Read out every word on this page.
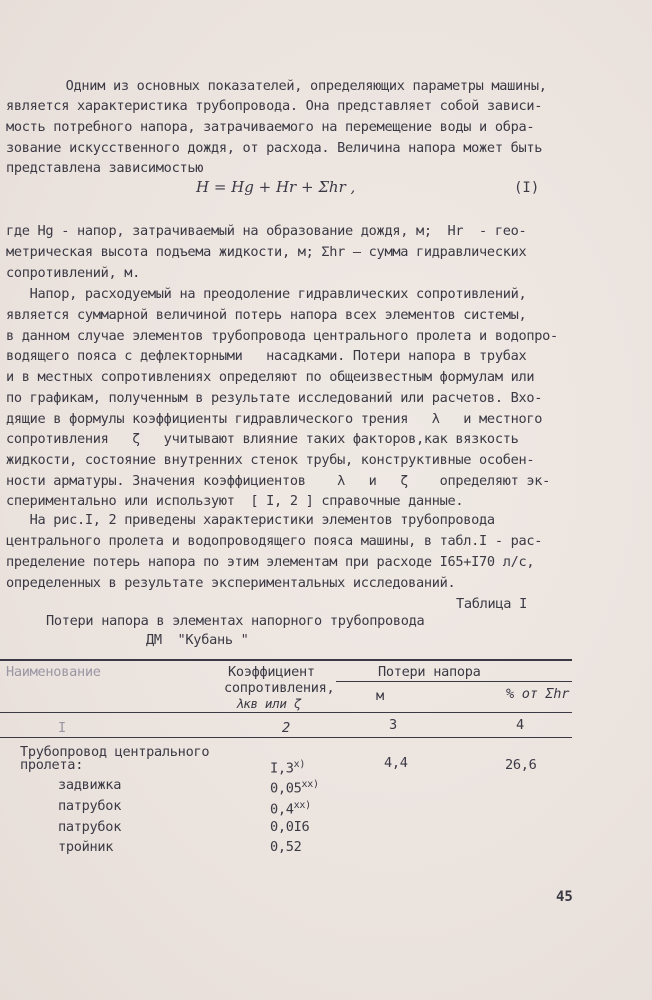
Одним из основных показателей, определяющих параметры машины,
является характеристика трубопровода. Она представляет собой зависи-
мость потребного напора, затрачиваемого на перемещение воды и обра-
зование искусственного дождя, от расхода. Величина напора может быть
представлена зависимостью
H = Hg + Hr + Σhr ,	(I)
где Hg - напор, затрачиваемый на образование дождя, м;  Hr  - гео-
метрическая высота подъема жидкости, м; Σhr – сумма гидравлических
сопротивлений, м.
Напор, расходуемый на преодоление гидравлических сопротивлений,
является суммарной величиной потерь напора всех элементов системы,
в данном случае элементов трубопровода центрального пролета и водопро-
водящего пояса с дефлекторными   насадками. Потери напора в трубах
и в местных сопротивлениях определяют по общеизвестным формулам или
по графикам, полученным в результате исследований или расчетов. Вхо-
дящие в формулы коэффициенты гидравлического трения   λ   и местного
сопротивления   ζ   учитывают влияние таких факторов,как вязкость
жидкости, состояние внутренних стенок трубы, конструктивные особен-
ности арматуры. Значения коэффициентов    λ   и   ζ    определяют эк-
спериментально или используют  [ I, 2 ] справочные данные.
На рис.I, 2 приведены характеристики элементов трубопровода
центрального пролета и водопроводящего пояса машины, в табл.I - рас-
пределение потерь напора по этим элементам при расходе I65+I70 л/c,
определенных в результате экспериментальных исследований.
Таблица I
Потери напора в элементах напорного трубопровода
ДМ  "Кубань "
Наименование	Коэффициент
сопротивления,
λкв или ζ
Потери напора
м	% от Σhr
I	2	3	4
Трубопровод центрального
пролета:	I,3$^{x)}$	4,4	26,6
задвижка	0,05$^{xx)}$
патрубок	0,4$^{xx)}$
патрубок	0,0I6
тройник	0,52
45
